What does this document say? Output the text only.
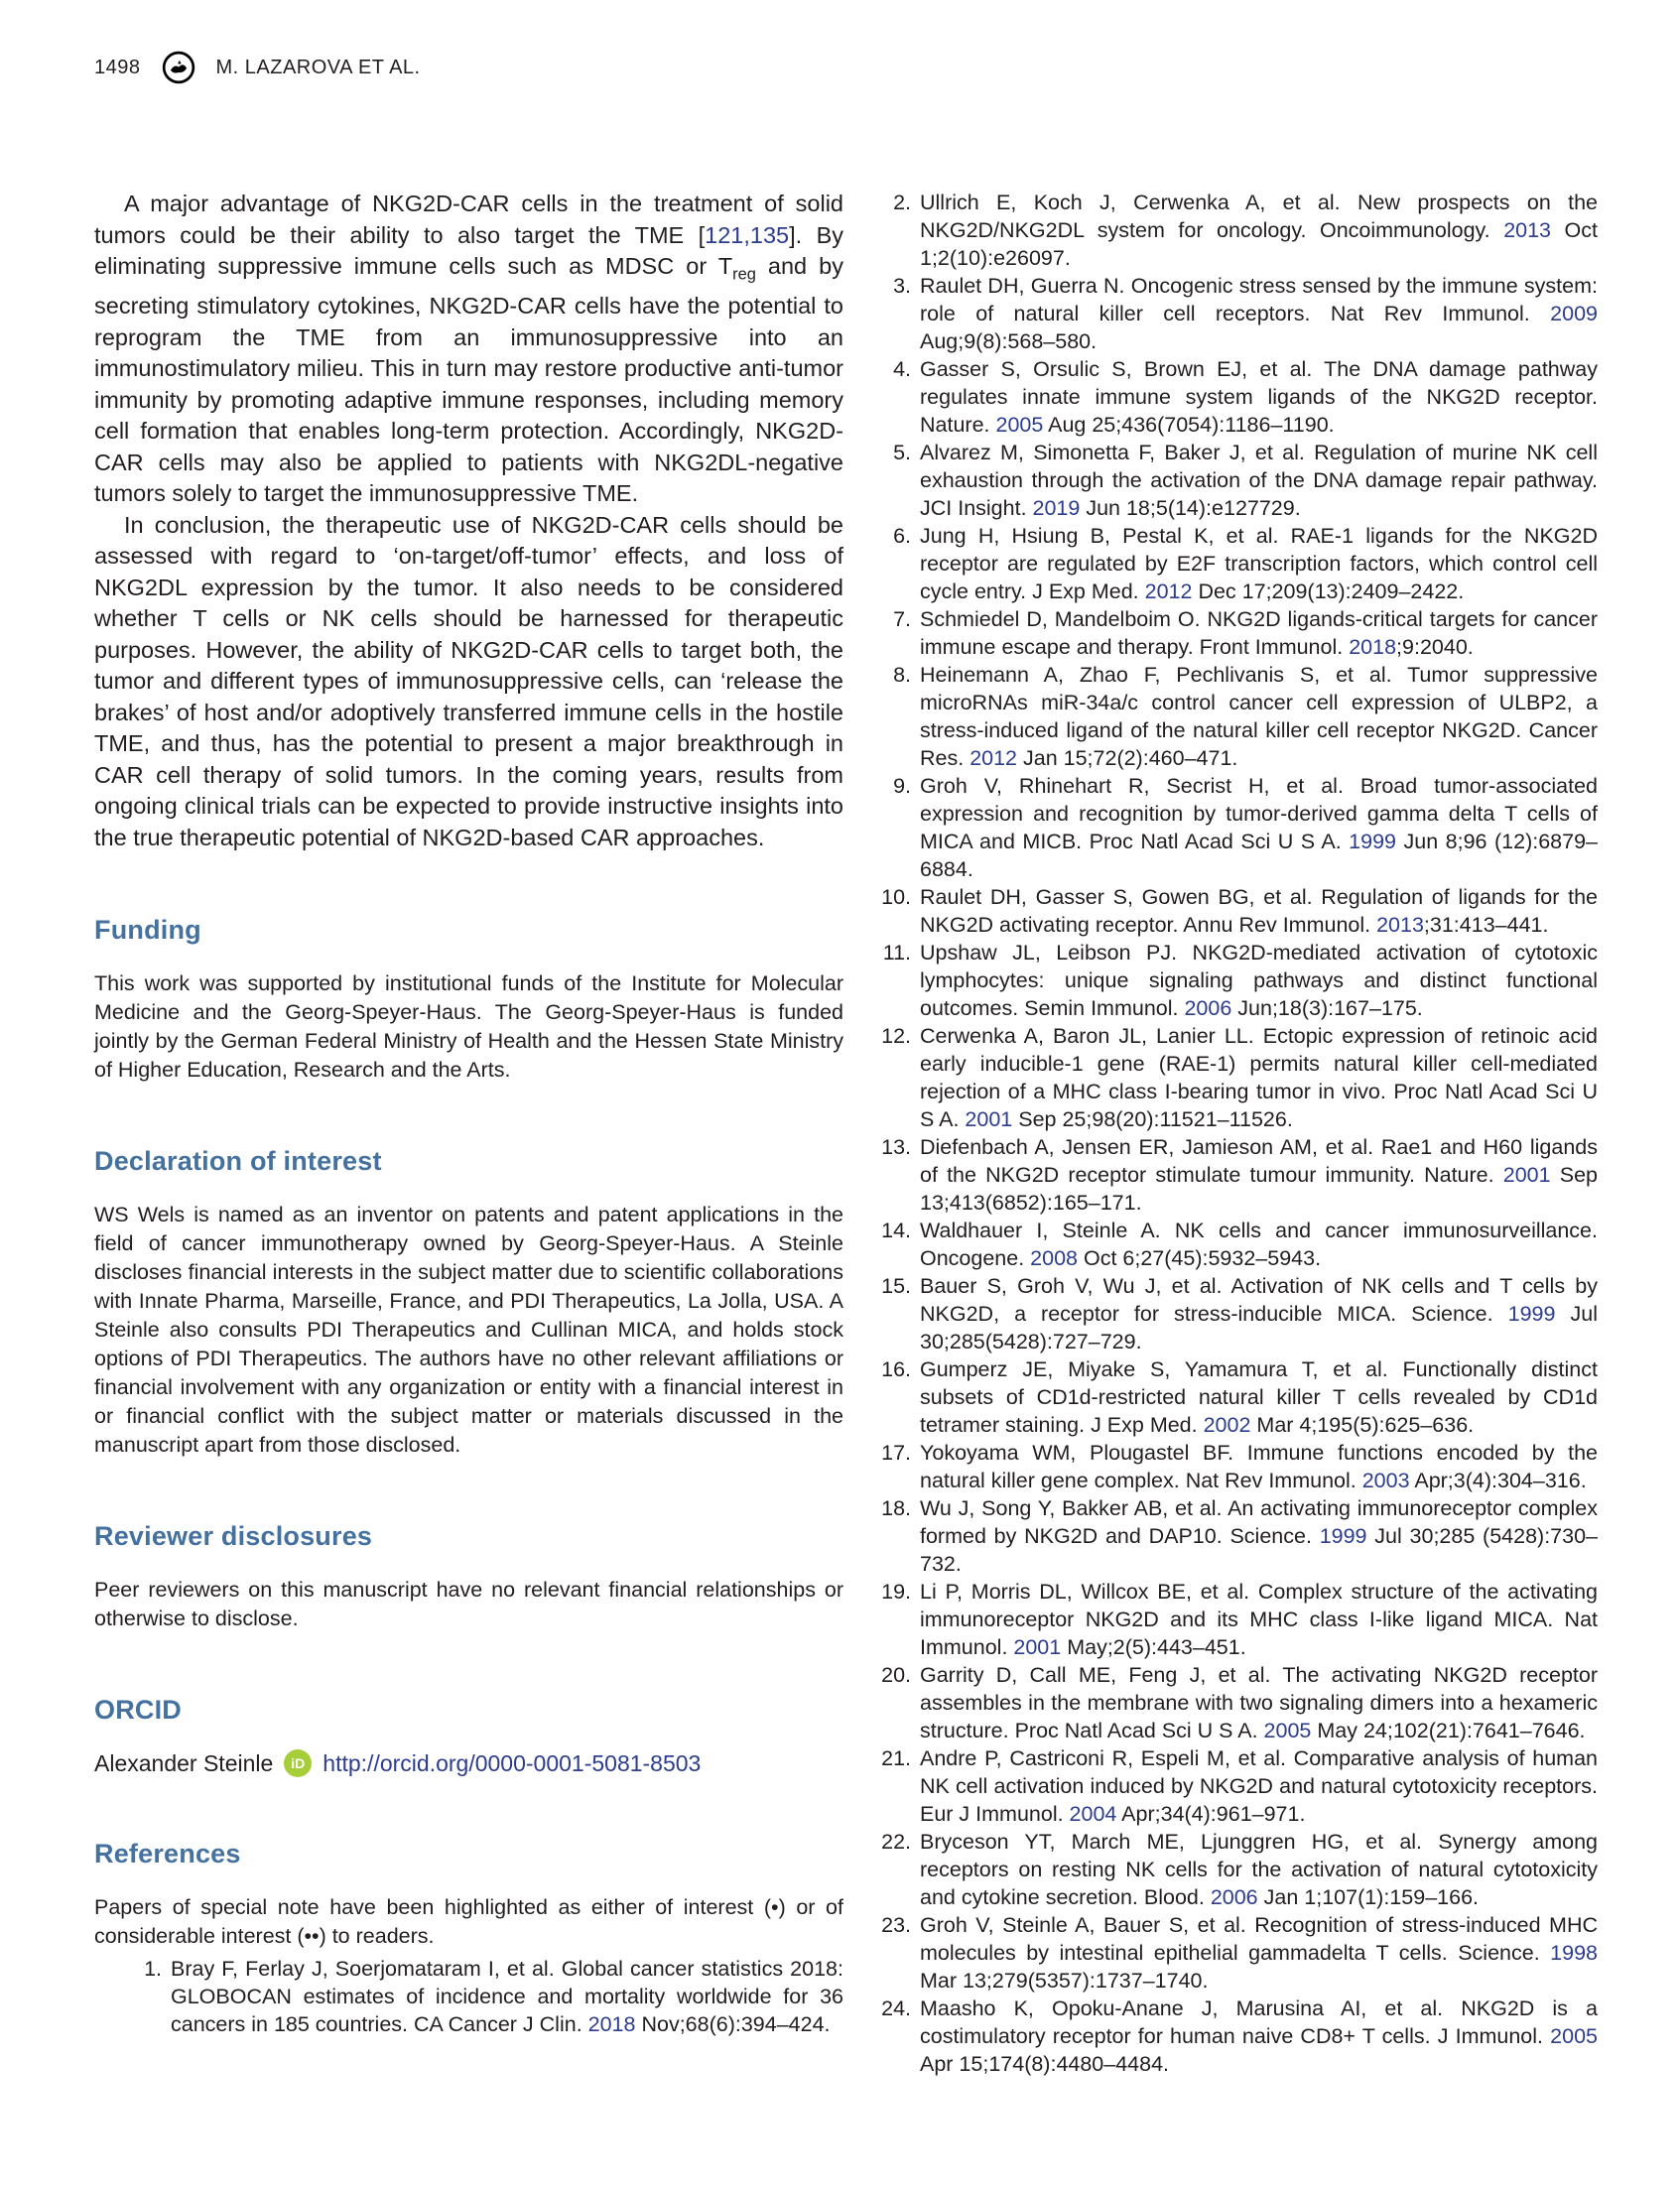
1498	M. LAZAROVA ET AL.

A major advantage of NKG2D-CAR cells in the treatment of solid tumors could be their ability to also target the TME [121,135]. By eliminating suppressive immune cells such as MDSC or $T_{reg}$ and by secreting stimulatory cytokines, NKG2D-CAR cells have the potential to reprogram the TME from an immunosuppressive into an immunostimulatory milieu. This in turn may restore productive anti-tumor immunity by promoting adaptive immune responses, including memory cell formation that enables long-term protection. Accordingly, NKG2D-CAR cells may also be applied to patients with NKG2DL-negative tumors solely to target the immunosuppressive TME.

In conclusion, the therapeutic use of NKG2D-CAR cells should be assessed with regard to ‘on-target/off-tumor’ effects, and loss of NKG2DL expression by the tumor. It also needs to be considered whether T cells or NK cells should be harnessed for therapeutic purposes. However, the ability of NKG2D-CAR cells to target both, the tumor and different types of immunosuppressive cells, can ‘release the brakes’ of host and/or adoptively transferred immune cells in the hostile TME, and thus, has the potential to present a major breakthrough in CAR cell therapy of solid tumors. In the coming years, results from ongoing clinical trials can be expected to provide instructive insights into the true therapeutic potential of NKG2D-based CAR approaches.

Funding

This work was supported by institutional funds of the Institute for Molecular Medicine and the Georg-Speyer-Haus. The Georg-Speyer-Haus is funded jointly by the German Federal Ministry of Health and the Hessen State Ministry of Higher Education, Research and the Arts.

Declaration of interest

WS Wels is named as an inventor on patents and patent applications in the field of cancer immunotherapy owned by Georg-Speyer-Haus. A Steinle discloses financial interests in the subject matter due to scientific collaborations with Innate Pharma, Marseille, France, and PDI Therapeutics, La Jolla, USA. A Steinle also consults PDI Therapeutics and Cullinan MICA, and holds stock options of PDI Therapeutics. The authors have no other relevant affiliations or financial involvement with any organization or entity with a financial interest in or financial conflict with the subject matter or materials discussed in the manuscript apart from those disclosed.

Reviewer disclosures

Peer reviewers on this manuscript have no relevant financial relationships or otherwise to disclose.

ORCID

Alexander Steinle iD http://orcid.org/0000-0001-5081-8503

References

Papers of special note have been highlighted as either of interest (•) or of considerable interest (••) to readers.

1. Bray F, Ferlay J, Soerjomataram I, et al. Global cancer statistics 2018: GLOBOCAN estimates of incidence and mortality worldwide for 36 cancers in 185 countries. CA Cancer J Clin. 2018 Nov;68(6):394–424.
2. Ullrich E, Koch J, Cerwenka A, et al. New prospects on the NKG2D/NKG2DL system for oncology. Oncoimmunology. 2013 Oct 1;2(10):e26097.
3. Raulet DH, Guerra N. Oncogenic stress sensed by the immune system: role of natural killer cell receptors. Nat Rev Immunol. 2009 Aug;9(8):568–580.
4. Gasser S, Orsulic S, Brown EJ, et al. The DNA damage pathway regulates innate immune system ligands of the NKG2D receptor. Nature. 2005 Aug 25;436(7054):1186–1190.
5. Alvarez M, Simonetta F, Baker J, et al. Regulation of murine NK cell exhaustion through the activation of the DNA damage repair pathway. JCI Insight. 2019 Jun 18;5(14):e127729.
6. Jung H, Hsiung B, Pestal K, et al. RAE-1 ligands for the NKG2D receptor are regulated by E2F transcription factors, which control cell cycle entry. J Exp Med. 2012 Dec 17;209(13):2409–2422.
7. Schmiedel D, Mandelboim O. NKG2D ligands-critical targets for cancer immune escape and therapy. Front Immunol. 2018;9:2040.
8. Heinemann A, Zhao F, Pechlivanis S, et al. Tumor suppressive microRNAs miR-34a/c control cancer cell expression of ULBP2, a stress-induced ligand of the natural killer cell receptor NKG2D. Cancer Res. 2012 Jan 15;72(2):460–471.
9. Groh V, Rhinehart R, Secrist H, et al. Broad tumor-associated expression and recognition by tumor-derived gamma delta T cells of MICA and MICB. Proc Natl Acad Sci U S A. 1999 Jun 8;96 (12):6879–6884.
10. Raulet DH, Gasser S, Gowen BG, et al. Regulation of ligands for the NKG2D activating receptor. Annu Rev Immunol. 2013;31:413–441.
11. Upshaw JL, Leibson PJ. NKG2D-mediated activation of cytotoxic lymphocytes: unique signaling pathways and distinct functional outcomes. Semin Immunol. 2006 Jun;18(3):167–175.
12. Cerwenka A, Baron JL, Lanier LL. Ectopic expression of retinoic acid early inducible-1 gene (RAE-1) permits natural killer cell-mediated rejection of a MHC class I-bearing tumor in vivo. Proc Natl Acad Sci U S A. 2001 Sep 25;98(20):11521–11526.
13. Diefenbach A, Jensen ER, Jamieson AM, et al. Rae1 and H60 ligands of the NKG2D receptor stimulate tumour immunity. Nature. 2001 Sep 13;413(6852):165–171.
14. Waldhauer I, Steinle A. NK cells and cancer immunosurveillance. Oncogene. 2008 Oct 6;27(45):5932–5943.
15. Bauer S, Groh V, Wu J, et al. Activation of NK cells and T cells by NKG2D, a receptor for stress-inducible MICA. Science. 1999 Jul 30;285(5428):727–729.
16. Gumperz JE, Miyake S, Yamamura T, et al. Functionally distinct subsets of CD1d-restricted natural killer T cells revealed by CD1d tetramer staining. J Exp Med. 2002 Mar 4;195(5):625–636.
17. Yokoyama WM, Plougastel BF. Immune functions encoded by the natural killer gene complex. Nat Rev Immunol. 2003 Apr;3(4):304–316.
18. Wu J, Song Y, Bakker AB, et al. An activating immunoreceptor complex formed by NKG2D and DAP10. Science. 1999 Jul 30;285 (5428):730–732.
19. Li P, Morris DL, Willcox BE, et al. Complex structure of the activating immunoreceptor NKG2D and its MHC class I-like ligand MICA. Nat Immunol. 2001 May;2(5):443–451.
20. Garrity D, Call ME, Feng J, et al. The activating NKG2D receptor assembles in the membrane with two signaling dimers into a hexameric structure. Proc Natl Acad Sci U S A. 2005 May 24;102(21):7641–7646.
21. Andre P, Castriconi R, Espeli M, et al. Comparative analysis of human NK cell activation induced by NKG2D and natural cytotoxicity receptors. Eur J Immunol. 2004 Apr;34(4):961–971.
22. Bryceson YT, March ME, Ljunggren HG, et al. Synergy among receptors on resting NK cells for the activation of natural cytotoxicity and cytokine secretion. Blood. 2006 Jan 1;107(1):159–166.
23. Groh V, Steinle A, Bauer S, et al. Recognition of stress-induced MHC molecules by intestinal epithelial gammadelta T cells. Science. 1998 Mar 13;279(5357):1737–1740.
24. Maasho K, Opoku-Anane J, Marusina AI, et al. NKG2D is a costimulatory receptor for human naive CD8+ T cells. J Immunol. 2005 Apr 15;174(8):4480–4484.
